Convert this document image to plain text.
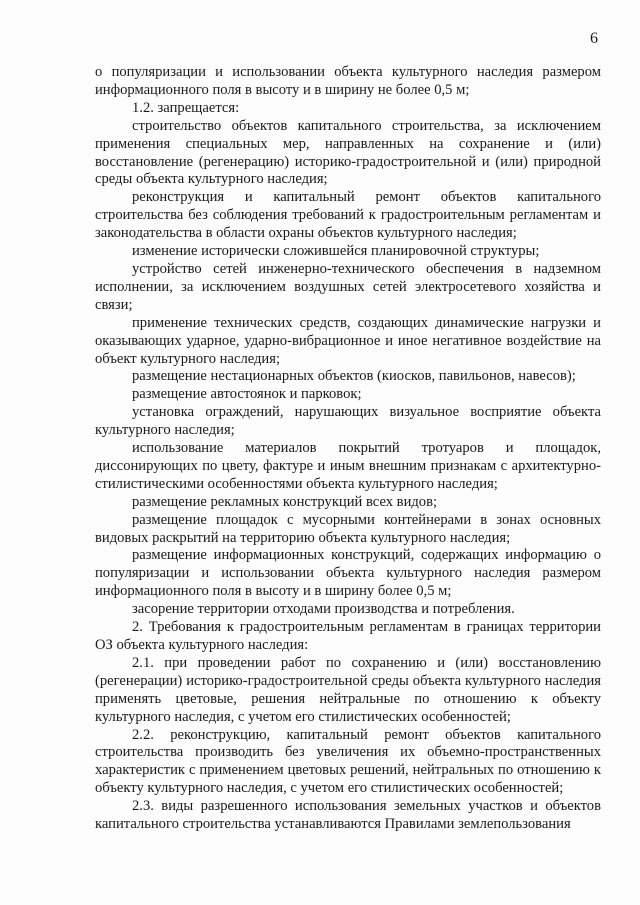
6

о популяризации и использовании объекта культурного наследия размером информационного поля в высоту и в ширину не более 0,5 м;

1.2. запрещается:

строительство объектов капитального строительства, за исключением применения специальных мер, направленных на сохранение и (или) восстановление (регенерацию) историко-градостроительной и (или) природной среды объекта культурного наследия;

реконструкция и капитальный ремонт объектов капитального строительства без соблюдения требований к градостроительным регламентам и законодательства в области охраны объектов культурного наследия;

изменение исторически сложившейся планировочной структуры;

устройство сетей инженерно-технического обеспечения в надземном исполнении, за исключением воздушных сетей электросетевого хозяйства и связи;

применение технических средств, создающих динамические нагрузки и оказывающих ударное, ударно-вибрационное и иное негативное воздействие на объект культурного наследия;

размещение нестационарных объектов (киосков, павильонов, навесов);

размещение автостоянок и парковок;

установка ограждений, нарушающих визуальное восприятие объекта культурного наследия;

использование материалов покрытий тротуаров и площадок, диссонирующих по цвету, фактуре и иным внешним признакам с архитектурно-стилистическими особенностями объекта культурного наследия;

размещение рекламных конструкций всех видов;

размещение площадок с мусорными контейнерами в зонах основных видовых раскрытий на территорию объекта культурного наследия;

размещение информационных конструкций, содержащих информацию о популяризации и использовании объекта культурного наследия размером информационного поля в высоту и в ширину более 0,5 м;

засорение территории отходами производства и потребления.

2. Требования к градостроительным регламентам в границах территории ОЗ объекта культурного наследия:

2.1. при проведении работ по сохранению и (или) восстановлению (регенерации) историко-градостроительной среды объекта культурного наследия применять цветовые, решения нейтральные по отношению к объекту культурного наследия, с учетом его стилистических особенностей;

2.2. реконструкцию, капитальный ремонт объектов капитального строительства производить без увеличения их объемно-пространственных характеристик с применением цветовых решений, нейтральных по отношению к объекту культурного наследия, с учетом его стилистических особенностей;

2.3. виды разрешенного использования земельных участков и объектов капитального строительства устанавливаются Правилами землепользования
